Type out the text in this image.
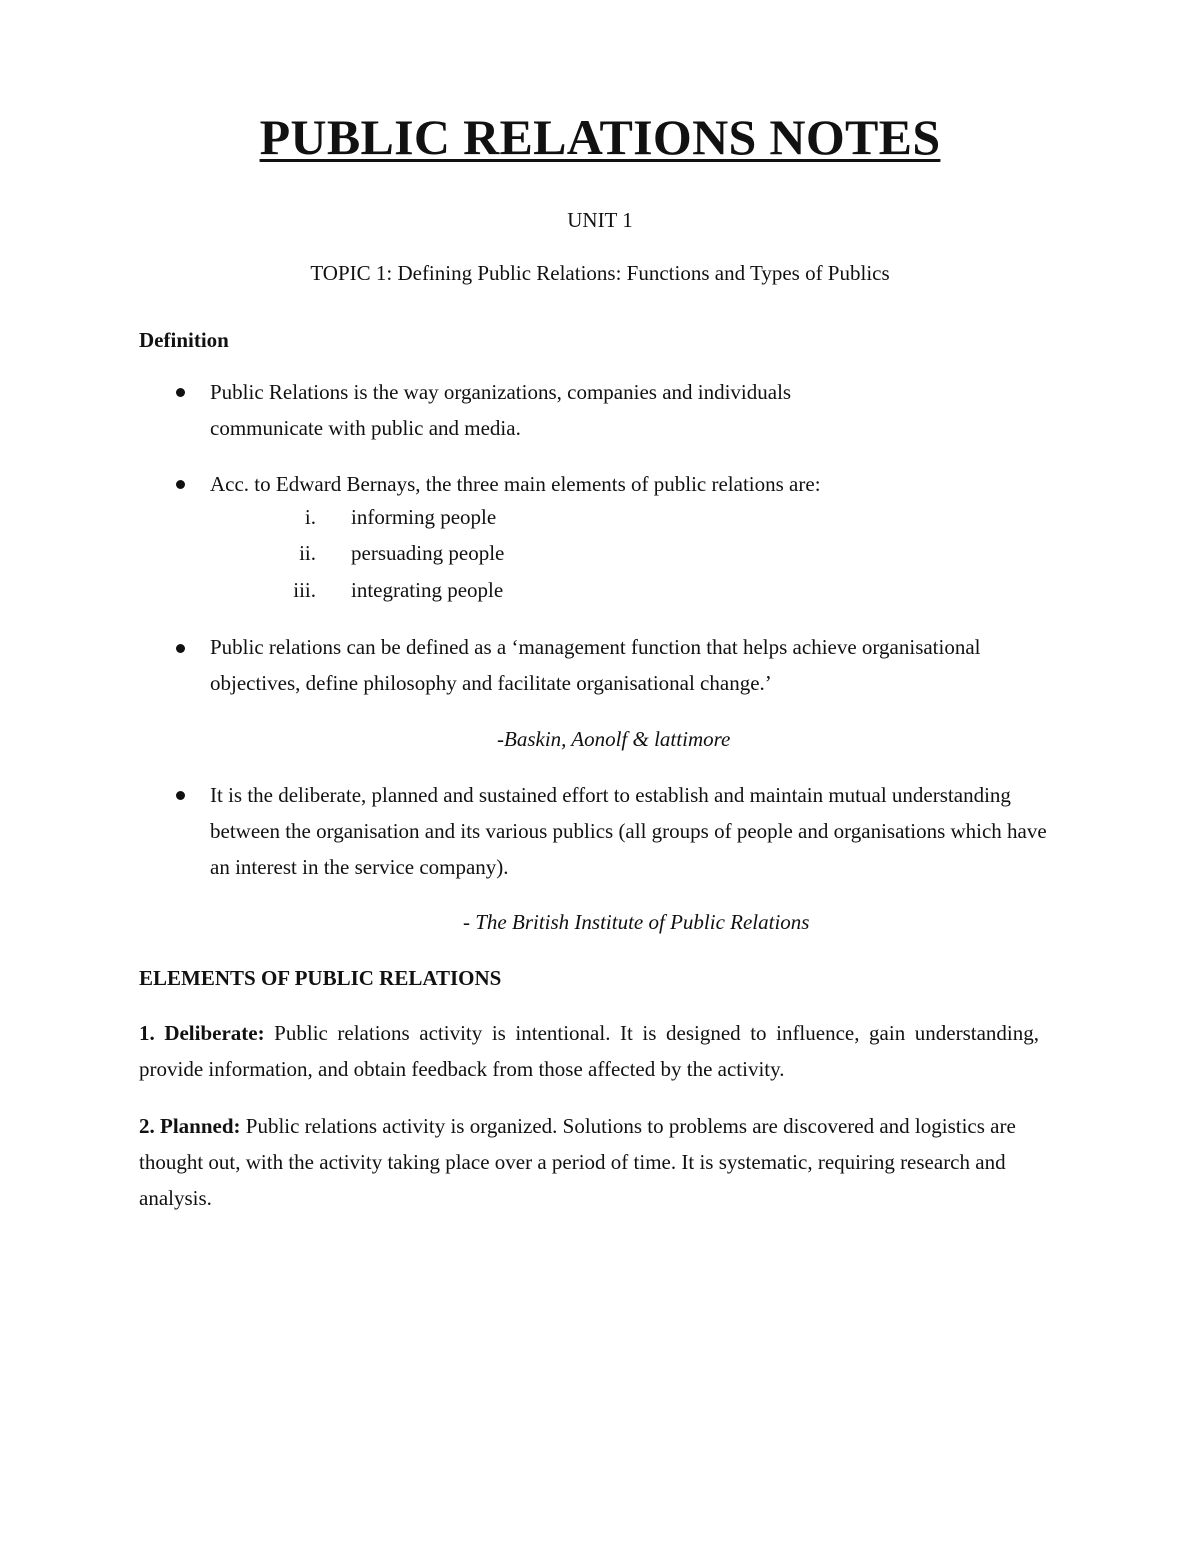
PUBLIC RELATIONS NOTES
UNIT 1
TOPIC 1: Defining Public Relations: Functions and Types of Publics
Definition
Public Relations is the way organizations, companies and individuals communicate with public and media.
Acc. to Edward Bernays, the three main elements of public relations are:
i. informing people
ii. persuading people
iii. integrating people
Public relations can be defined as a ‘management function that helps achieve organisational objectives, define philosophy and facilitate organisational change.’
-Baskin, Aonolf & lattimore
It is the deliberate, planned and sustained effort to establish and maintain mutual understanding between the organisation and its various publics (all groups of people and organisations which have an interest in the service company).
- The British Institute of Public Relations
ELEMENTS OF PUBLIC RELATIONS
1. Deliberate: Public relations activity is intentional. It is designed to influence, gain understanding, provide information, and obtain feedback from those affected by the activity.
2. Planned: Public relations activity is organized. Solutions to problems are discovered and logistics are thought out, with the activity taking place over a period of time. It is systematic, requiring research and analysis.
